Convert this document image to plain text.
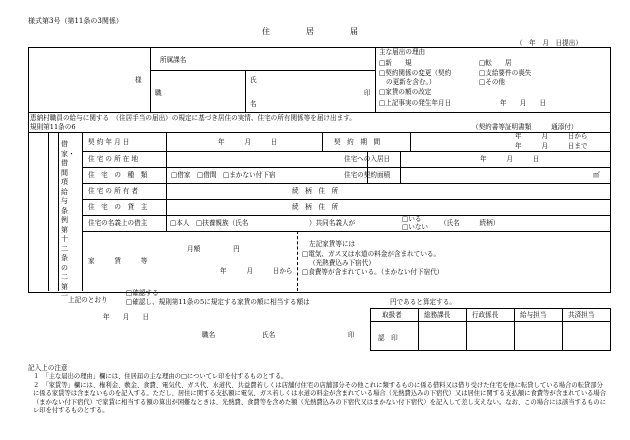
様式第3号（第11条の3関係）
住　居　届
（　年　月　日提出）
様
所属課名
職
氏
名
印
主な届出の理由
□新　　規	□転　　居
□契約関係の変更（契約	□支給要件の喪失
の更新を含む。）	□その他
□家賃の額の改定
□上記事実の発生年月日	年　　月　　日
恵納村職員の給与に関する　（住居手当の届出）の規定に基づき居住の実情、住宅の所有関係等を届け出ます。
規則第11条の6	（契約書等証明書類　　　通添付）
借家・借間　項給与条例第十二条の二第一
契 約 年 月 日	年　　　月　　　日	契　約　期　間
年　　　月　　　日から
年　　　月　　　日まで
住 宅 の 所 在 地	住宅への入居日	年　　　月　　　日
住　宅　の　種　類	□借家　□借間　□まかない付下宿	住宅の契約面積	㎡
住 宅 の 所 有 者	続　柄　住　所
住　宅　の　貸　主	続　柄　住　所
住宅の名義上の借主	□本人　□扶養親族（氏名	）共同名義人が	□いる
□いない （氏名　　　続柄）
家　　　賃　　　等
月額　　　　　円
年　　　月　　　日から
左記家賃等には
□電気、ガス又は水道の料金が含まれている。
（光熱費込み下宿代）
□食費等が含まれている。（まかない付下宿代）
上記のとおり
□確認する
□確認し、規則第11条の5に規定する家賃の額に相当する額は	円であると算定する。
年　　月　　日
職名	氏名	印
取扱者	総務課長	行政係長	給与担当	共済担当
認　印
記入上の注意
１　「主な届出の理由」欄には、住居届の主な理由の□についてレ印を付するものとする。
２　「家賃等」欄には、権利金、敷金、食費、電気代、ガス代、水道代、共益費若しくは店舗付住宅の店舗部分その他これに類するものに係る借料又は借り受けた住宅を他に転貸している場合の転貸部分に係る家賃等は含まないものを記入する。ただし、居住に関する支払額に電気、ガス若しくは水道の料金が含まれている場合（光熱費込みの下宿代）又は居住に関する支払額に食費等が含まれている場合（まかない付下宿代）で家賃に相当する額の算出が困難なときは、光熱費、食費等を含めた額（光熱費込みの下宿代又はまかない付下宿代）を記入して差し支えない。なお、この場合には該当するものにレ印を付するものとする。
